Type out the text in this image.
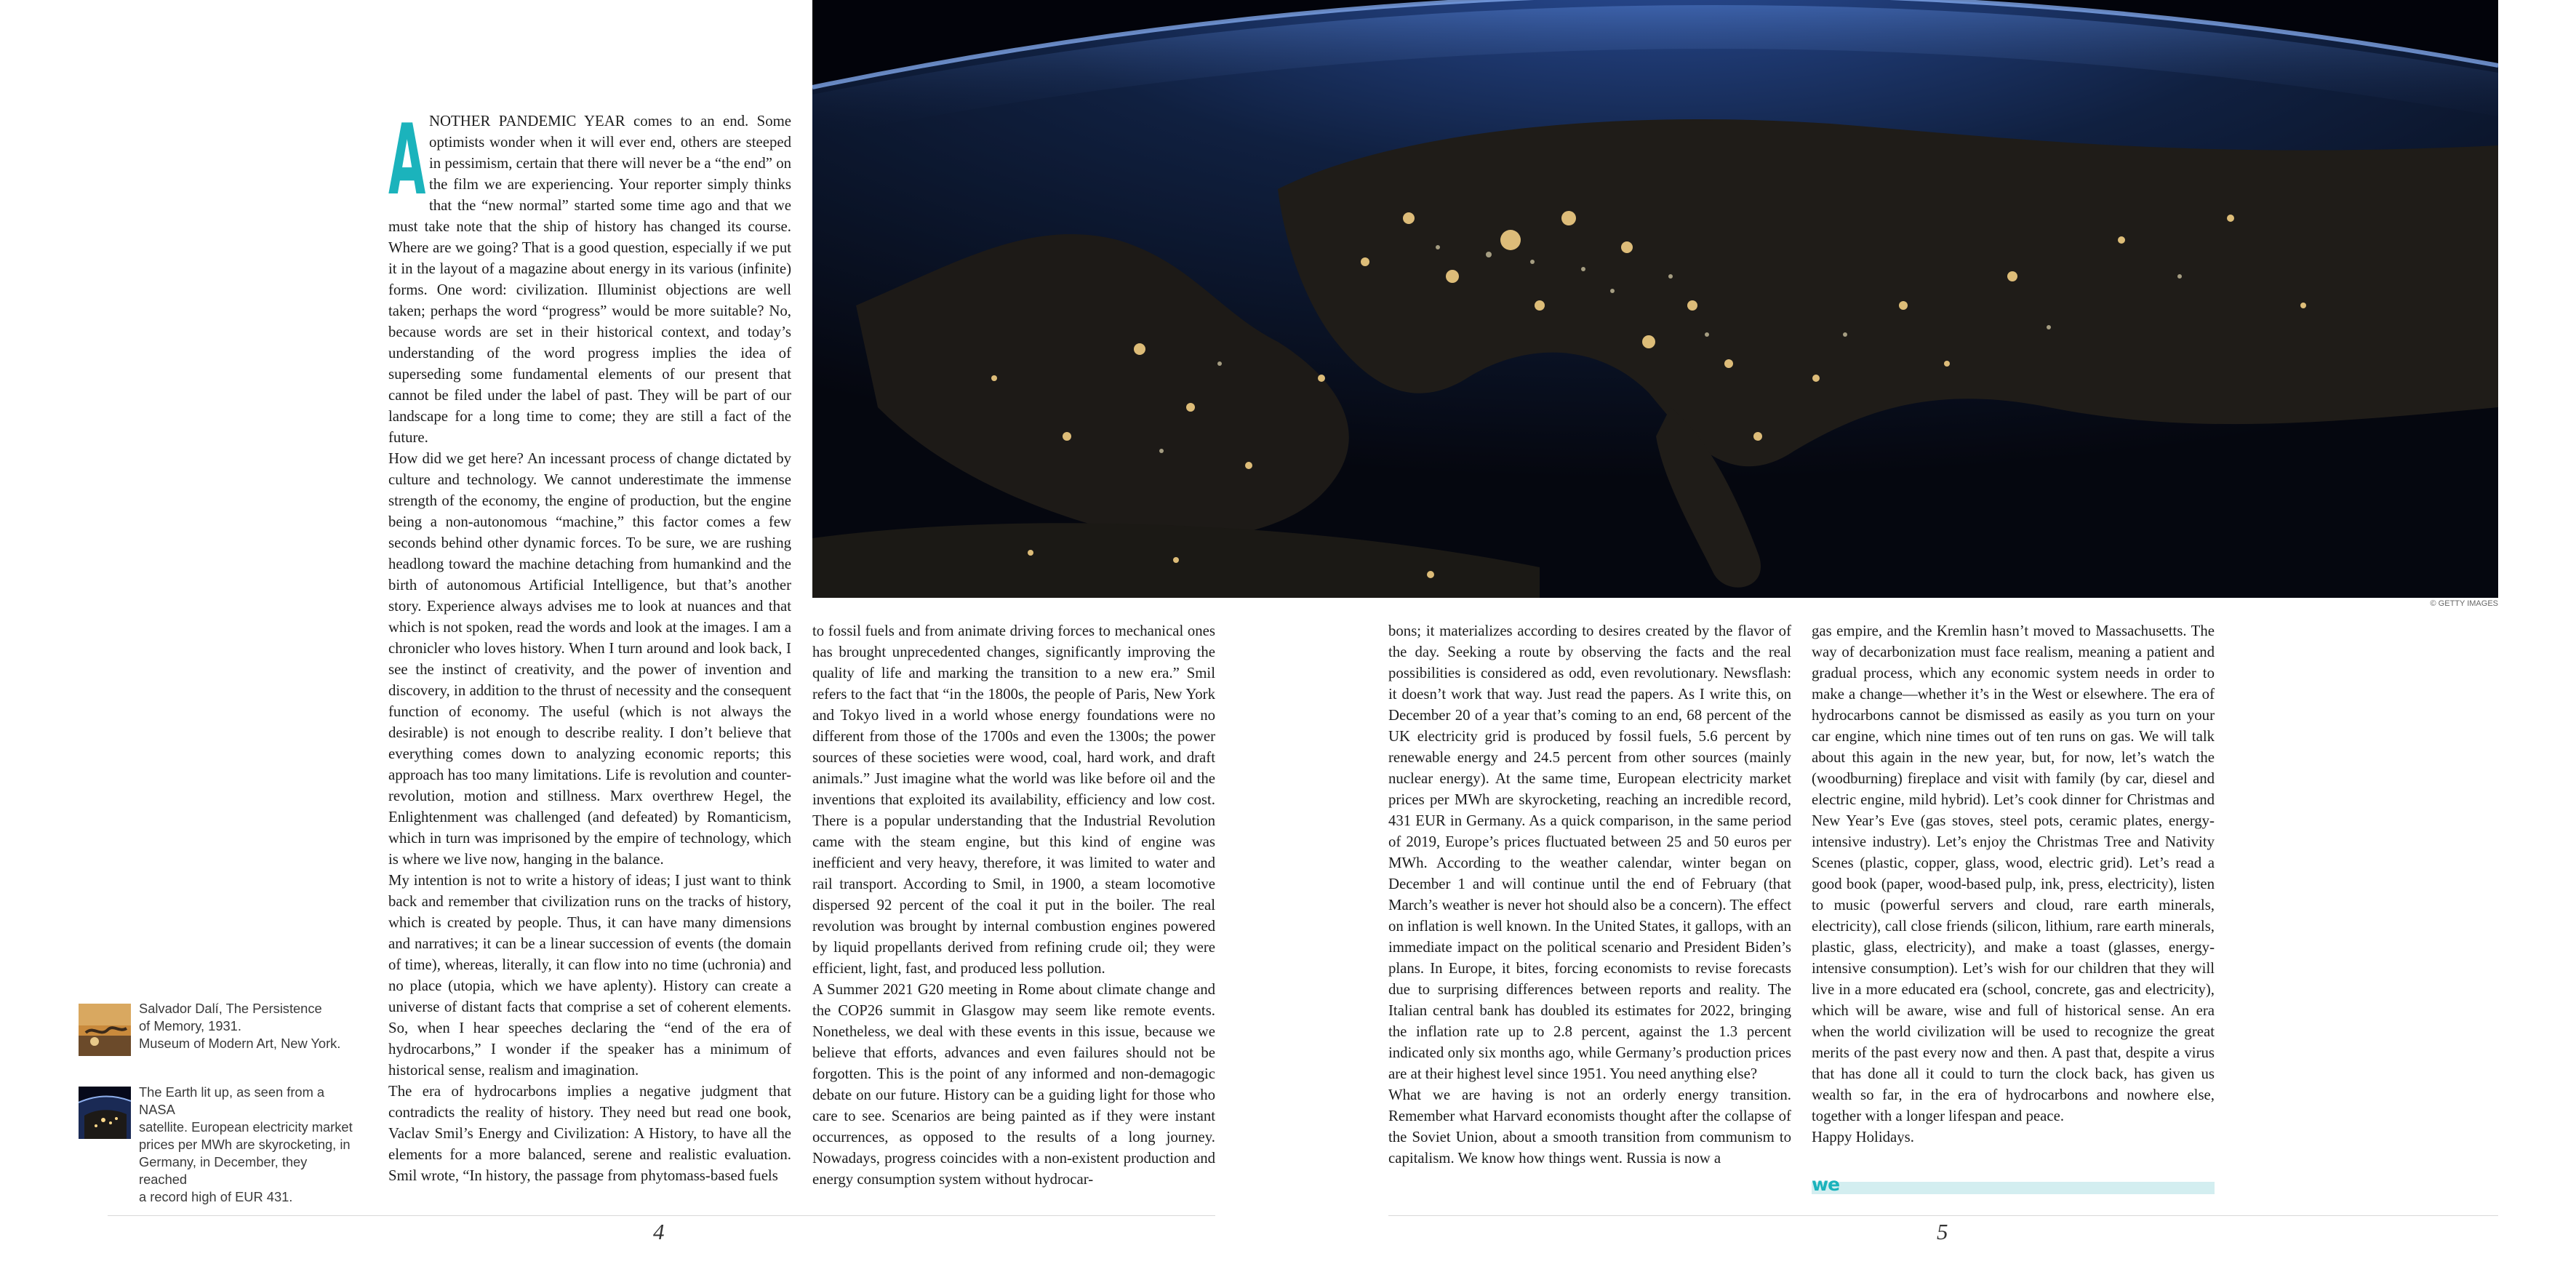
© GETTY IMAGES
A NOTHER PANDEMIC YEAR comes to an end. Some optimists wonder when it will ever end, others are steeped in pessimism, certain that there will never be a “the end” on the film we are experiencing. Your reporter simply thinks that the “new normal” started some time ago and that we must take note that the ship of history has changed its course. Where are we going? That is a good question, especially if we put it in the layout of a magazine about energy in its various (infinite) forms. One word: civilization. Illuminist objections are well taken; perhaps the word “progress” would be more suitable? No, because words are set in their historical context, and today’s understanding of the word progress implies the idea of superseding some fundamental elements of our present that cannot be filed under the label of past. They will be part of our landscape for a long time to come; they are still a fact of the future.

How did we get here? An incessant process of change dictated by culture and technology. We cannot underestimate the immense strength of the economy, the engine of production, but the engine being a non-autonomous “machine,” this factor comes a few seconds behind other dynamic forces. To be sure, we are rushing headlong toward the machine detaching from humankind and the birth of autonomous Artificial Intelligence, but that’s another story. Experience always advises me to look at nuances and that which is not spoken, read the words and look at the images. I am a chronicler who loves history. When I turn around and look back, I see the instinct of creativity, and the power of invention and discovery, in addition to the thrust of necessity and the consequent function of economy. The useful (which is not always the desirable) is not enough to describe reality. I don’t believe that everything comes down to analyzing economic reports; this approach has too many limitations. Life is revolution and counter-revolution, motion and stillness. Marx overthrew Hegel, the Enlightenment was challenged (and defeated) by Romanticism, which in turn was imprisoned by the empire of technology, which is where we live now, hanging in the balance.

My intention is not to write a history of ideas; I just want to think back and remember that civilization runs on the tracks of history, which is created by people. Thus, it can have many dimensions and narratives; it can be a linear succession of events (the domain of time), whereas, literally, it can flow into no time (uchronia) and no place (utopia, which we have aplenty). History can create a universe of distant facts that comprise a set of coherent elements. So, when I hear speeches declaring the “end of the era of hydrocarbons,” I wonder if the speaker has a minimum of historical sense, realism and imagination.

The era of hydrocarbons implies a negative judgment that contradicts the reality of history. They need but read one book, Vaclav Smil’s Energy and Civilization: A History, to have all the elements for a more balanced, serene and realistic evaluation. Smil wrote, “In history, the passage from phytomass-based fuels

to fossil fuels and from animate driving forces to mechanical ones has brought unprecedented changes, significantly improving the quality of life and marking the transition to a new era.” Smil refers to the fact that “in the 1800s, the people of Paris, New York and Tokyo lived in a world whose energy foundations were no different from those of the 1700s and even the 1300s; the power sources of these societies were wood, coal, hard work, and draft animals.” Just imagine what the world was like before oil and the inventions that exploited its availability, efficiency and low cost. There is a popular understanding that the Industrial Revolution came with the steam engine, but this kind of engine was inefficient and very heavy, therefore, it was limited to water and rail transport. According to Smil, in 1900, a steam locomotive dispersed 92 percent of the coal it put in the boiler. The real revolution was brought by internal combustion engines powered by liquid propellants derived from refining crude oil; they were efficient, light, fast, and produced less pollution.

A Summer 2021 G20 meeting in Rome about climate change and the COP26 summit in Glasgow may seem like remote events. Nonetheless, we deal with these events in this issue, because we believe that efforts, advances and even failures should not be forgotten. This is the point of any informed and non-demagogic debate on our future. History can be a guiding light for those who care to see. Scenarios are being painted as if they were instant occurrences, as opposed to the results of a long journey. Nowadays, progress coincides with a non-existent production and energy consumption system without hydrocar-

bons; it materializes according to desires created by the flavor of the day. Seeking a route by observing the facts and the real possibilities is considered as odd, even revolutionary. Newsflash: it doesn’t work that way. Just read the papers. As I write this, on December 20 of a year that’s coming to an end, 68 percent of the UK electricity grid is produced by fossil fuels, 5.6 percent by renewable energy and 24.5 percent from other sources (mainly nuclear energy). At the same time, European electricity market prices per MWh are skyrocketing, reaching an incredible record, 431 EUR in Germany. As a quick comparison, in the same period of 2019, Europe’s prices fluctuated between 25 and 50 euros per MWh. According to the weather calendar, winter began on December 1 and will continue until the end of February (that March’s weather is never hot should also be a concern). The effect on inflation is well known. In the United States, it gallops, with an immediate impact on the political scenario and President Biden’s plans. In Europe, it bites, forcing economists to revise forecasts due to surprising differences between reports and reality. The Italian central bank has doubled its estimates for 2022, bringing the inflation rate up to 2.8 percent, against the 1.3 percent indicated only six months ago, while Germany’s production prices are at their highest level since 1951. You need anything else?

What we are having is not an orderly energy transition. Remember what Harvard economists thought after the collapse of the Soviet Union, about a smooth transition from communism to capitalism. We know how things went. Russia is now a

gas empire, and the Kremlin hasn’t moved to Massachusetts. The way of decarbonization must face realism, meaning a patient and gradual process, which any economic system needs in order to make a change—whether it’s in the West or elsewhere. The era of hydrocarbons cannot be dismissed as easily as you turn on your car engine, which nine times out of ten runs on gas. We will talk about this again in the new year, but, for now, let’s watch the (woodburning) fireplace and visit with family (by car, diesel and electric engine, mild hybrid). Let’s cook dinner for Christmas and New Year’s Eve (gas stoves, steel pots, ceramic plates, energy-intensive industry). Let’s enjoy the Christmas Tree and Nativity Scenes (plastic, copper, glass, wood, electric grid). Let’s read a good book (paper, wood-based pulp, ink, press, electricity), listen to music (powerful servers and cloud, rare earth minerals, electricity), call close friends (silicon, lithium, rare earth minerals, plastic, glass, electricity), and make a toast (glasses, energy-intensive consumption). Let’s wish for our children that they will live in a more educated era (school, concrete, gas and electricity), which will be aware, wise and full of historical sense. An era when the world civilization will be used to recognize the great merits of the past every now and then. A past that, despite a virus that has done all it could to turn the clock back, has given us wealth so far, in the era of hydrocarbons and nowhere else, together with a longer lifespan and peace.

Happy Holidays.

we
Salvador Dalí, The Persistence
of Memory, 1931.
Museum of Modern Art, New York.
The Earth lit up, as seen from a NASA
satellite. European electricity market
prices per MWh are skyrocketing, in
Germany, in December, they reached
a record high of EUR 431.
4	5
